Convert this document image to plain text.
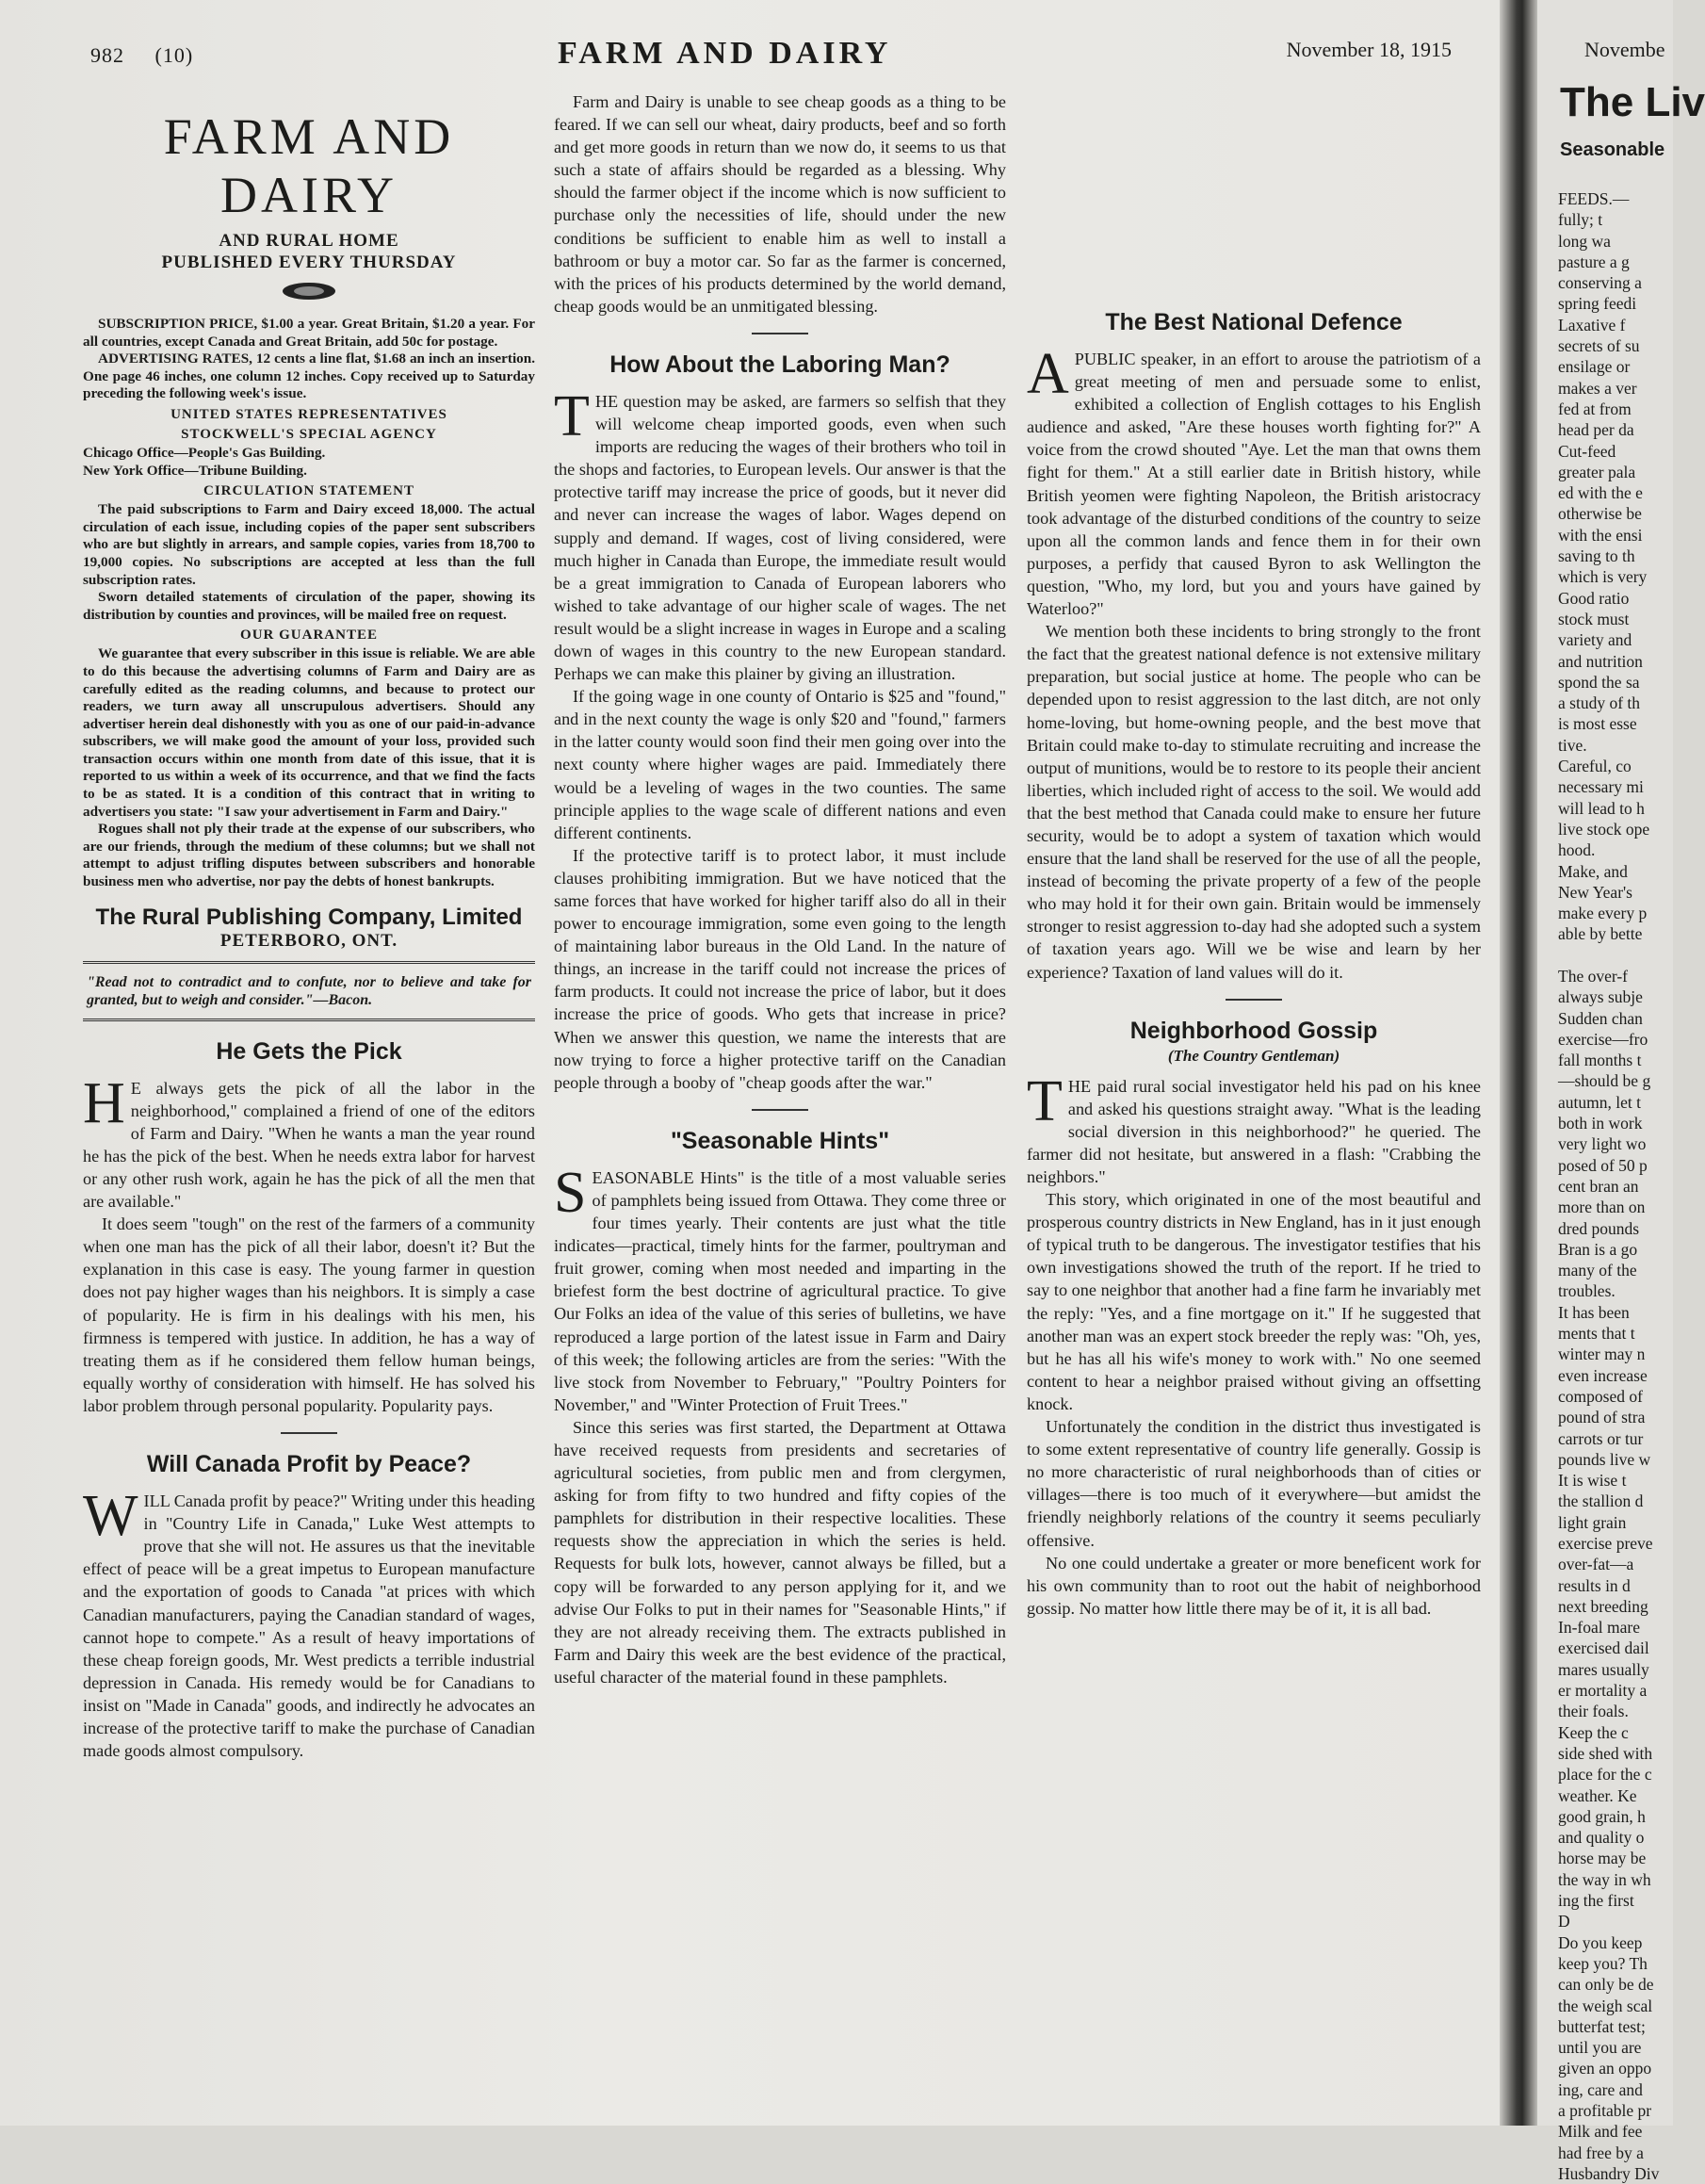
982 (10)	FARM AND DAIRY	November 18, 1915
FARM AND DAIRY
AND RURAL HOME
PUBLISHED EVERY THURSDAY

SUBSCRIPTION PRICE, $1.00 a year. Great Britain, $1.20 a year. For all countries, except Canada and Great Britain, add 50c for postage.

ADVERTISING RATES, 12 cents a line flat, $1.68 an inch an insertion. One page 46 inches, one column 12 inches. Copy received up to Saturday preceding the following week's issue.

UNITED STATES REPRESENTATIVES
STOCKWELL'S SPECIAL AGENCY

Chicago Office—People's Gas Building.

New York Office—Tribune Building.

CIRCULATION STATEMENT

The paid subscriptions to Farm and Dairy exceed 18,000. The actual circulation of each issue, including copies of the paper sent subscribers who are but slightly in arrears, and sample copies, varies from 18,700 to 19,000 copies. No subscriptions are accepted at less than the full subscription rates.

Sworn detailed statements of circulation of the paper, showing its distribution by counties and provinces, will be mailed free on request.

OUR GUARANTEE

We guarantee that every subscriber in this issue is reliable. We are able to do this because the advertising columns of Farm and Dairy are as carefully edited as the reading columns, and because to protect our readers, we turn away all unscrupulous advertisers. Should any advertiser herein deal dishonestly with you as one of our paid-in-advance subscribers, we will make good the amount of your loss, provided such transaction occurs within one month from date of this issue, that it is reported to us within a week of its occurrence, and that we find the facts to be as stated. It is a condition of this contract that in writing to advertisers you state: "I saw your advertisement in Farm and Dairy."

Rogues shall not ply their trade at the expense of our subscribers, who are our friends, through the medium of these columns; but we shall not attempt to adjust trifling disputes between subscribers and honorable business men who advertise, nor pay the debts of honest bankrupts.

The Rural Publishing Company, Limited
PETERBORO, ONT.
"Read not to contradict and to confute, nor to believe and take for granted, but to weigh and consider."—Bacon.
He Gets the Pick

H E always gets the pick of all the labor in the neighborhood," complained a friend of one of the editors of Farm and Dairy. "When he wants a man the year round he has the pick of the best. When he needs extra labor for harvest or any other rush work, again he has the pick of all the men that are available."

It does seem "tough" on the rest of the farmers of a community when one man has the pick of all their labor, doesn't it? But the explanation in this case is easy. The young farmer in question does not pay higher wages than his neighbors. It is simply a case of popularity. He is firm in his dealings with his men, his firmness is tempered with justice. In addition, he has a way of treating them as if he considered them fellow human beings, equally worthy of consideration with himself. He has solved his labor problem through personal popularity. Popularity pays.

Will Canada Profit by Peace?

WILL Canada profit by peace?" Writing under this heading in "Country Life in Canada," Luke West attempts to prove that she will not. He assures us that the inevitable effect of peace will be a great impetus to European manufacture and the exportation of goods to Canada "at prices with which Canadian manufacturers, paying the Canadian standard of wages, cannot hope to compete." As a result of heavy importations of these cheap foreign goods, Mr. West predicts a terrible industrial depression in Canada. His remedy would be for Canadians to insist on "Made in Canada" goods, and indirectly he advocates an increase of the protective tariff to make the purchase of Canadian made goods almost compulsory.

Farm and Dairy is unable to see cheap goods as a thing to be feared. If we can sell our wheat, dairy products, beef and so forth and get more goods in return than we now do, it seems to us that such a state of affairs should be regarded as a blessing. Why should the farmer object if the income which is now sufficient to purchase only the necessities of life, should under the new conditions be sufficient to enable him as well to install a bathroom or buy a motor car. So far as the farmer is concerned, with the prices of his products determined by the world demand, cheap goods would be an unmitigated blessing.

How About the Laboring Man?

THE question may be asked, are farmers so selfish that they will welcome cheap imported goods, even when such imports are reducing the wages of their brothers who toil in the shops and factories, to European levels. Our answer is that the protective tariff may increase the price of goods, but it never did and never can increase the wages of labor. Wages depend on supply and demand. If wages, cost of living considered, were much higher in Canada than Europe, the immediate result would be a great immigration to Canada of European laborers who wished to take advantage of our higher scale of wages. The net result would be a slight increase in wages in Europe and a scaling down of wages in this country to the new European standard. Perhaps we can make this plainer by giving an illustration.

If the going wage in one county of Ontario is $25 and "found," and in the next county the wage is only $20 and "found," farmers in the latter county would soon find their men going over into the next county where higher wages are paid. Immediately there would be a leveling of wages in the two counties. The same principle applies to the wage scale of different nations and even different continents.

If the protective tariff is to protect labor, it must include clauses prohibiting immigration. But we have noticed that the same forces that have worked for higher tariff also do all in their power to encourage immigration, some even going to the length of maintaining labor bureaus in the Old Land. In the nature of things, an increase in the tariff could not increase the prices of farm products. It could not increase the price of labor, but it does increase the price of goods. Who gets that increase in price? When we answer this question, we name the interests that are now trying to force a higher protective tariff on the Canadian people through a booby of "cheap goods after the war."

"Seasonable Hints"

SEASONABLE Hints" is the title of a most valuable series of pamphlets being issued from Ottawa. They come three or four times yearly. Their contents are just what the title indicates—practical, timely hints for the farmer, poultryman and fruit grower, coming when most needed and imparting in the briefest form the best doctrine of agricultural practice. To give Our Folks an idea of the value of this series of bulletins, we have reproduced a large portion of the latest issue in Farm and Dairy of this week; the following articles are from the series: "With the live stock from November to February," "Poultry Pointers for November," and "Winter Protection of Fruit Trees."

Since this series was first started, the Department at Ottawa have received requests from presidents and secretaries of agricultural societies, from public men and from clergymen, asking for from fifty to two hundred and fifty copies of the pamphlets for distribution in their respective localities. These requests show the appreciation in which the series is held. Requests for bulk lots, however, cannot always be filled, but a copy will be forwarded to any person applying for it, and we advise Our Folks to put in their names for "Seasonable Hints," if they are not already receiving them. The extracts published in Farm and Dairy this week are the best evidence of the practical, useful character of the material found in these pamphlets.

The Best National Defence

APUBLIC speaker, in an effort to arouse the patriotism of a great meeting of men and persuade some to enlist, exhibited a collection of English cottages to his English audience and asked, "Are these houses worth fighting for?" A voice from the crowd shouted "Aye. Let the man that owns them fight for them." At a still earlier date in British history, while British yeomen were fighting Napoleon, the British aristocracy took advantage of the disturbed conditions of the country to seize upon all the common lands and fence them in for their own purposes, a perfidy that caused Byron to ask Wellington the question, "Who, my lord, but you and yours have gained by Waterloo?"

We mention both these incidents to bring strongly to the front the fact that the greatest national defence is not extensive military preparation, but social justice at home. The people who can be depended upon to resist aggression to the last ditch, are not only home-loving, but home-owning people, and the best move that Britain could make to-day to stimulate recruiting and increase the output of munitions, would be to restore to its people their ancient liberties, which included right of access to the soil. We would add that the best method that Canada could make to ensure her future security, would be to adopt a system of taxation which would ensure that the land shall be reserved for the use of all the people, instead of becoming the private property of a few of the people who may hold it for their own gain. Britain would be immensely stronger to resist aggression to-day had she adopted such a system of taxation years ago. Will we be wise and learn by her experience? Taxation of land values will do it.

Neighborhood Gossip
(The Country Gentleman)

THE paid rural social investigator held his pad on his knee and asked his questions straight away. "What is the leading social diversion in this neighborhood?" he queried. The farmer did not hesitate, but answered in a flash: "Crabbing the neighbors."

This story, which originated in one of the most beautiful and prosperous country districts in New England, has in it just enough of typical truth to be dangerous. The investigator testifies that his own investigations showed the truth of the report. If he tried to say to one neighbor that another had a fine farm he invariably met the reply: "Yes, and a fine mortgage on it." If he suggested that another man was an expert stock breeder the reply was: "Oh, yes, but he has all his wife's money to work with." No one seemed content to hear a neighbor praised without giving an offsetting knock.

Unfortunately the condition in the district thus investigated is to some extent representative of country life generally. Gossip is no more characteristic of rural neighborhoods than of cities or villages—there is too much of it everywhere—but amidst the friendly neighborly relations of the country it seems peculiarly offensive.

No one could undertake a greater or more beneficent work for his own community than to root out the habit of neighborhood gossip. No matter how little there may be of it, it is all bad.

Novembe
The Liv
Seasonable
FEEDS.—
fully; t
long wa
pasture a g
conserving a
spring feedi
Laxative f
secrets of su
ensilage or
makes a ver
fed at from
head per da
Cut-feed
greater pala
ed with the e
otherwise be
with the ensi
saving to th
which is very
Good ratio
stock must
variety and
and nutrition
spond the sa
a study of th
is most esse
tive.
Careful, co
necessary mi
will lead to h
live stock ope
hood.
Make, and
New Year's
make every p
able by bette

The over-f
always subje
Sudden chan
exercise—fro
fall months t
—should be g
autumn, let t
both in work
very light wo
posed of 50 p
cent bran an
more than on
dred pounds
Bran is a go
many of the
troubles.
It has been
ments that t
winter may n
even increase
composed of
pound of stra
carrots or tur
pounds live w
It is wise t
the stallion d
light grain
exercise preve
over-fat—a
results in d
next breeding
In-foal mare
exercised dail
mares usually
er mortality a
their foals.
Keep the c
side shed with
place for the c
weather. Ke
good grain, h
and quality o
horse may be
the way in wh
ing the first
D
Do you keep
keep you? Th
can only be de
the weigh scal
butterfat test;
until you are
given an oppo
ing, care and
a profitable pr
Milk and fee
had free by a
Husbandry Div
